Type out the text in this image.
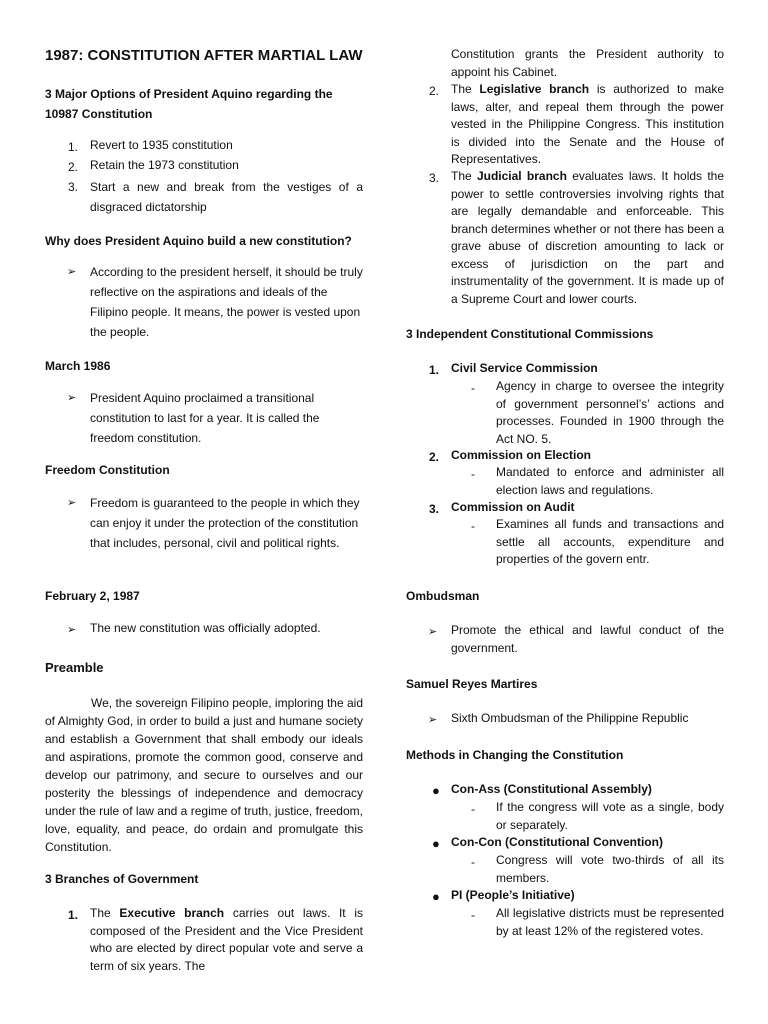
1987: CONSTITUTION AFTER MARTIAL LAW
3 Major Options of President Aquino regarding the 10987 Constitution
1. Revert to 1935 constitution
2. Retain the 1973 constitution
3. Start a new and break from the vestiges of a disgraced dictatorship
Why does President Aquino build a new constitution?
➢ According to the president herself, it should be truly reflective on the aspirations and ideals of the Filipino people. It means, the power is vested upon the people.
March 1986
➢ President Aquino proclaimed a transitional constitution to last for a year. It is called the freedom constitution.
Freedom Constitution
➢ Freedom is guaranteed to the people in which they can enjoy it under the protection of the constitution that includes, personal, civil and political rights.
February 2, 1987
➢ The new constitution was officially adopted.
Preamble
We, the sovereign Filipino people, imploring the aid of Almighty God, in order to build a just and humane society and establish a Government that shall embody our ideals and aspirations, promote the common good, conserve and develop our patrimony, and secure to ourselves and our posterity the blessings of independence and democracy under the rule of law and a regime of truth, justice, freedom, love, equality, and peace, do ordain and promulgate this Constitution.
3 Branches of Government
1. The Executive branch carries out laws. It is composed of the President and the Vice President who are elected by direct popular vote and serve a term of six years. The
Constitution grants the President authority to appoint his Cabinet.
2. The Legislative branch is authorized to make laws, alter, and repeal them through the power vested in the Philippine Congress. This institution is divided into the Senate and the House of Representatives.
3. The Judicial branch evaluates laws. It holds the power to settle controversies involving rights that are legally demandable and enforceable. This branch determines whether or not there has been a grave abuse of discretion amounting to lack or excess of jurisdiction on the part and instrumentality of the government. It is made up of a Supreme Court and lower courts.
3 Independent Constitutional Commissions
1. Civil Service Commission
- Agency in charge to oversee the integrity of government personnel’s’ actions and processes. Founded in 1900 through the Act NO. 5.
2. Commission on Election
- Mandated to enforce and administer all election laws and regulations.
3. Commission on Audit
- Examines all funds and transactions and settle all accounts, expenditure and properties of the govern entr.
Ombudsman
➢ Promote the ethical and lawful conduct of the government.
Samuel Reyes Martires
➢ Sixth Ombudsman of the Philippine Republic
Methods in Changing the Constitution
● Con-Ass (Constitutional Assembly)
- If the congress will vote as a single, body or separately.
● Con-Con (Constitutional Convention)
- Congress will vote two-thirds of all its members.
● PI (People’s Initiative)
- All legislative districts must be represented by at least 12% of the registered votes.
